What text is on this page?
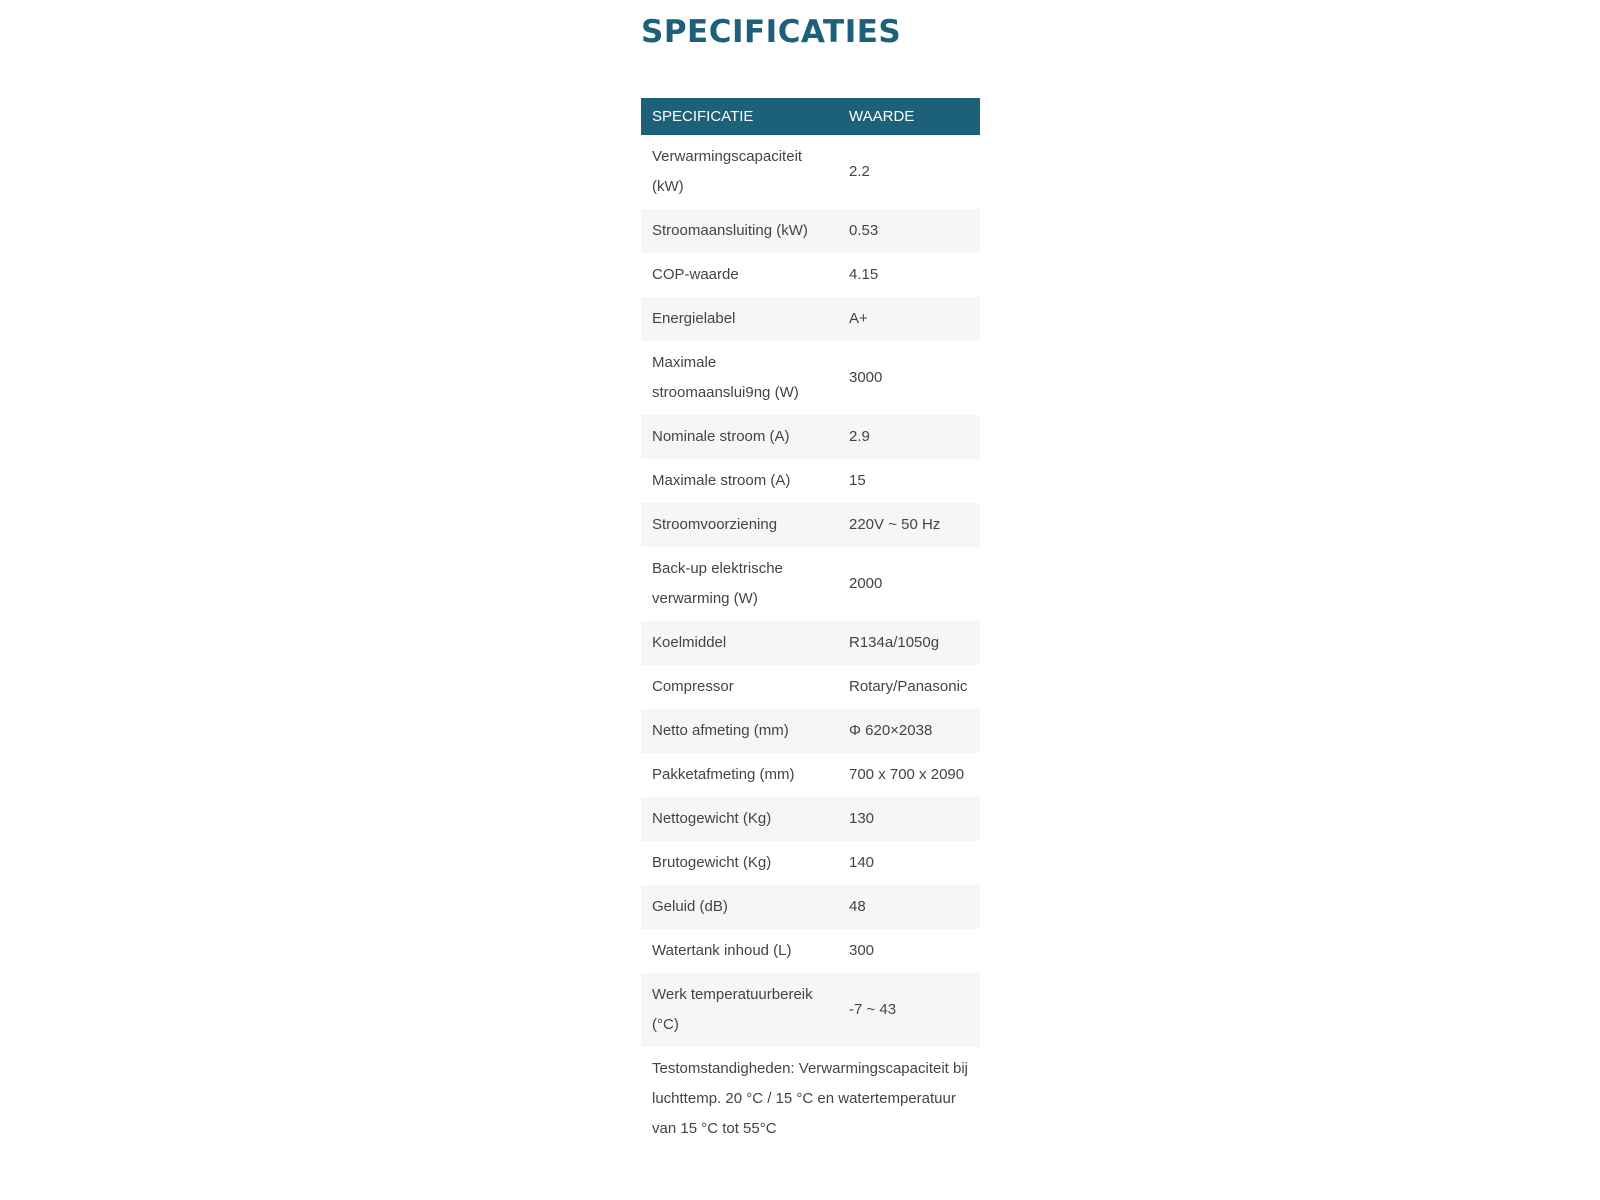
SPECIFICATIES
SPECIFICATIE	WAARDE
Verwarmingscapaciteit (kW)	2.2
Stroomaansluiting (kW)	0.53
COP-waarde	4.15
Energielabel	A+
Maximale stroomaanslui9ng (W)	3000
Nominale stroom (A)	2.9
Maximale stroom (A)	15
Stroomvoorziening	220V ~ 50 Hz
Back-up elektrische verwarming (W)	2000
Koelmiddel	R134a/1050g
Compressor	Rotary/Panasonic
Netto afmeting (mm)	Φ 620×2038
Pakketafmeting (mm)	700 x 700 x 2090
Nettogewicht (Kg)	130
Brutogewicht (Kg)	140
Geluid (dB)	48
Watertank inhoud (L)	300
Werk temperatuurbereik (°C)	-7 ~ 43
Testomstandigheden: Verwarmingscapaciteit bij luchttemp. 20 °C / 15 °C en watertemperatuur van 15 °C tot 55°C	
